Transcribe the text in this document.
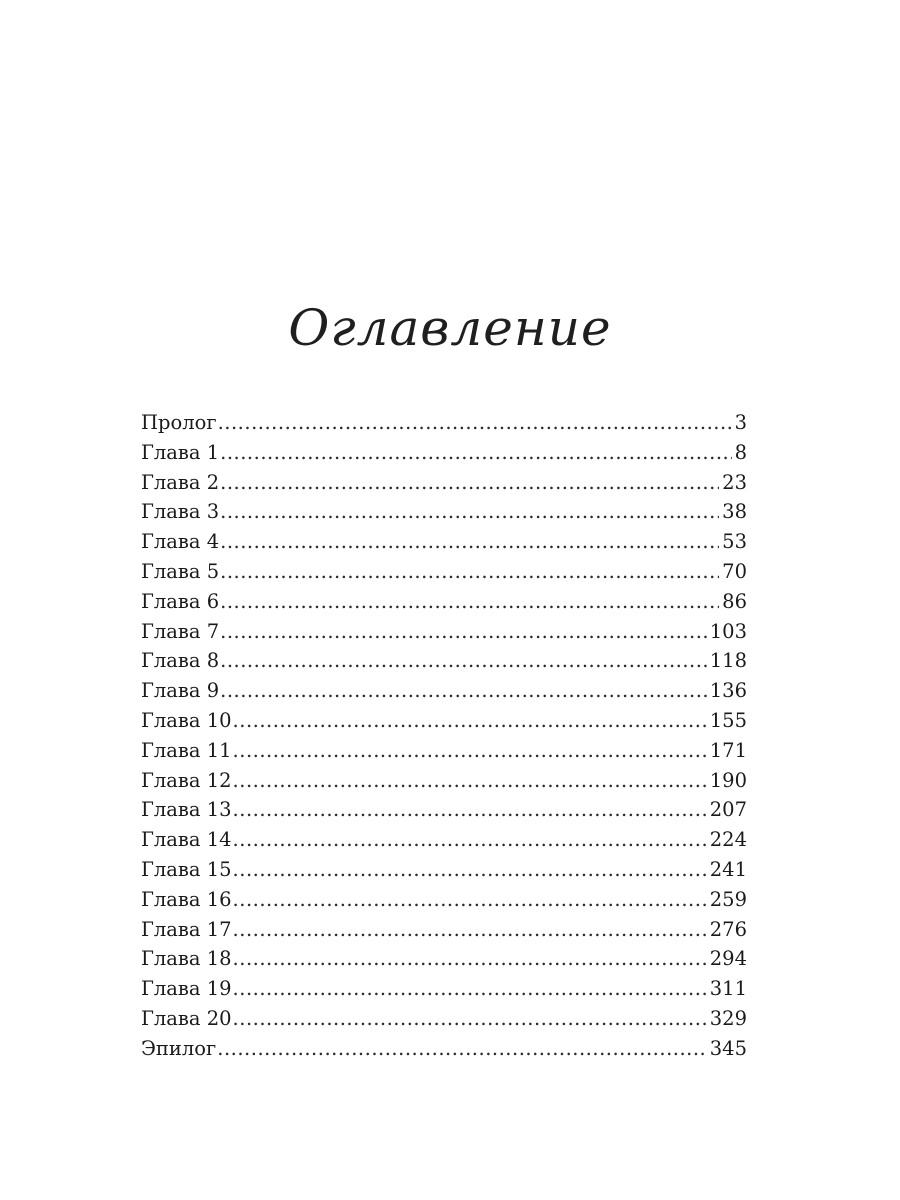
Оглавление
Пролог .....	3
Глава 1 .....	8
Глава 2 .....	23
Глава 3 .....	38
Глава 4 .....	53
Глава 5 .....	70
Глава 6 .....	86
Глава 7 .....	103
Глава 8 .....	118
Глава 9 .....	136
Глава 10 .....	155
Глава 11 .....	171
Глава 12 .....	190
Глава 13 .....	207
Глава 14 .....	224
Глава 15 .....	241
Глава 16 .....	259
Глава 17 .....	276
Глава 18 .....	294
Глава 19 .....	311
Глава 20 .....	329
Эпилог .....	345
